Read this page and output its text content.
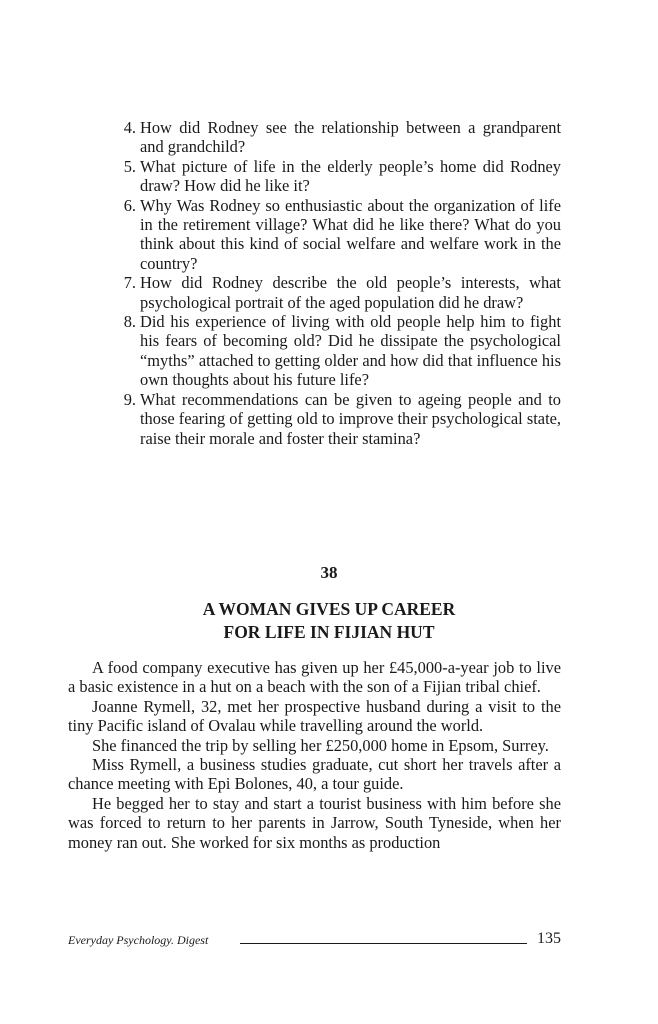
4. How did Rodney see the relationship between a grandparent and grandchild?
5. What picture of life in the elderly people’s home did Rodney draw? How did he like it?
6. Why Was Rodney so enthusiastic about the organization of life in the retirement village? What did he like there? What do you think about this kind of social welfare and welfare work in the country?
7. How did Rodney describe the old people’s interests, what psychological portrait of the aged population did he draw?
8. Did his experience of living with old people help him to fight his fears of becoming old? Did he dissipate the psychological “myths” attached to getting older and how did that influence his own thoughts about his future life?
9. What recommendations can be given to ageing people and to those fearing of getting old to improve their psychological state, raise their morale and foster their stamina?
38
A WOMAN GIVES UP CAREER
FOR LIFE IN FIJIAN HUT

A food company executive has given up her £45,000-a-year job to live a basic existence in a hut on a beach with the son of a Fijian tribal chief.

Joanne Rymell, 32, met her prospective husband during a visit to the tiny Pacific island of Ovalau while travelling around the world.

She financed the trip by selling her £250,000 home in Epsom, Surrey.

Miss Rymell, a business studies graduate, cut short her travels after a chance meeting with Epi Bolones, 40, a tour guide.

He begged her to stay and start a tourist business with him before she was forced to return to her parents in Jarrow, South Tyneside, when her money ran out. She worked for six months as production

Everyday Psychology. Digest	135
